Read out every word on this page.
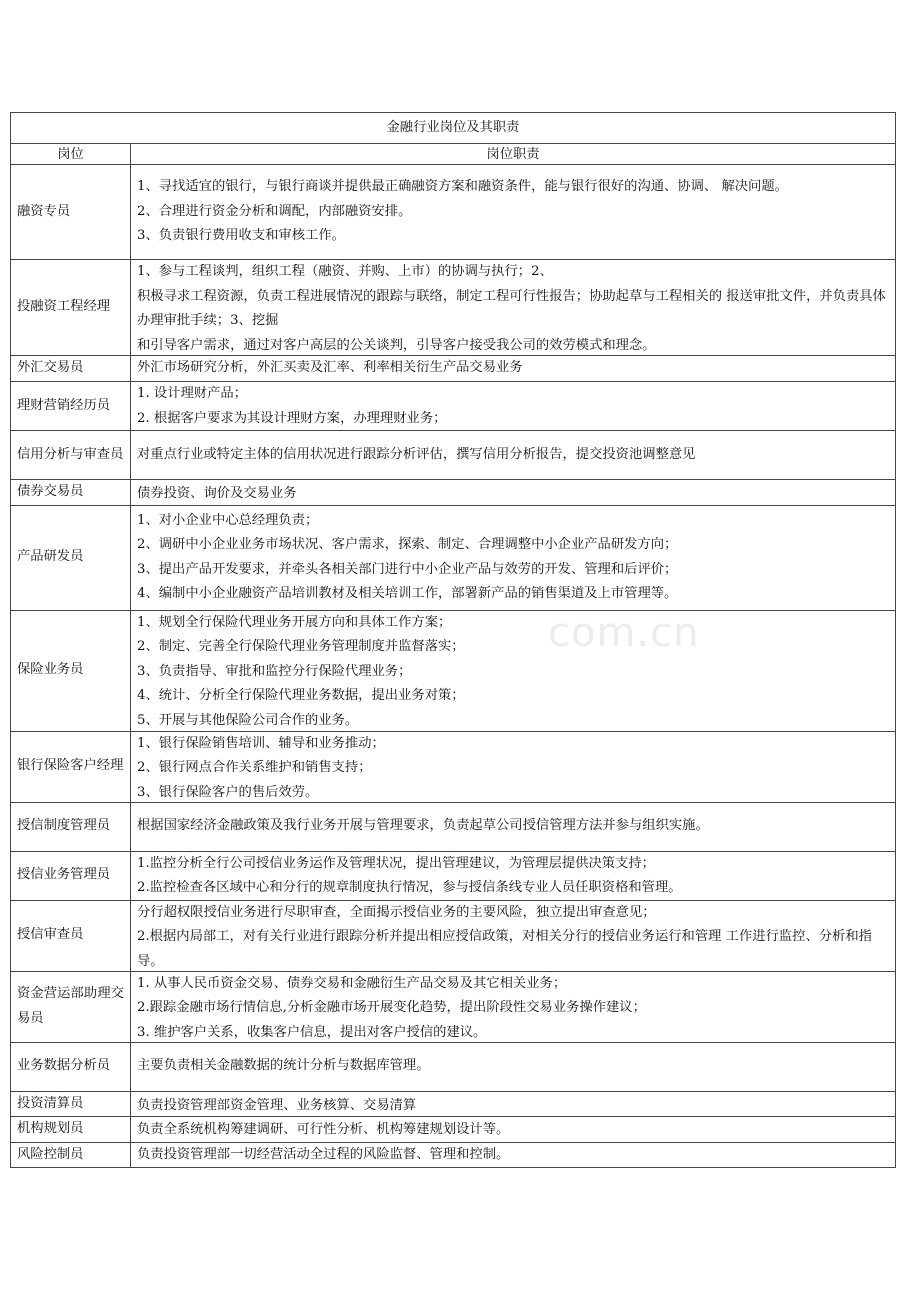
com.cn
金融行业岗位及其职责	
岗位	岗位职责
融资专员	1、寻找适宜的银行，与银行商谈并提供最正确融资方案和融资条件，能与银行很好的沟通、协调、 解决问题。
2、合理进行资金分析和调配，内部融资安排。
3、负责银行费用收支和审核工作。

投融资工程经理	1、参与工程谈判，组织工程（融资、并购、上市）的协调与执行；2、
积极寻求工程资源，负责工程进展情况的跟踪与联络，制定工程可行性报告；协助起草与工程相关的 报送审批文件，并负责具体办理审批手续；3、挖掘
和引导客户需求，通过对客户高层的公关谈判，引导客户接受我公司的效劳模式和理念。

外汇交易员	外汇市场研究分析，外汇买卖及汇率、利率相关衍生产品交易业务

理财营销经历员	1. 设计理财产品；
2. 根据客户要求为其设计理财方案，办理理财业务；

信用分析与审查员	对重点行业或特定主体的信用状况进行跟踪分析评估，撰写信用分析报告，提交投资池调整意见

债券交易员	债券投资、询价及交易业务

产品研发员	1、对小企业中心总经理负责；
2、调研中小企业业务市场状况、客户需求，探索、制定、合理调整中小企业产品研发方向；
3、提出产品开发要求，并牵头各相关部门进行中小企业产品与效劳的开发、管理和后评价；
4、编制中小企业融资产品培训教材及相关培训工作，部署新产品的销售渠道及上市管理等。

保险业务员	1、规划全行保险代理业务开展方向和具体工作方案；
2、制定、完善全行保险代理业务管理制度并监督落实；
3、负责指导、审批和监控分行保险代理业务；
4、统计、分析全行保险代理业务数据，提出业务对策；
5、开展与其他保险公司合作的业务。

银行保险客户经理	1、银行保险销售培训、辅导和业务推动；
2、银行网点合作关系维护和销售支持；
3、银行保险客户的售后效劳。

授信制度管理员	根据国家经济金融政策及我行业务开展与管理要求，负责起草公司授信管理方法并参与组织实施。

授信业务管理员	1.监控分析全行公司授信业务运作及管理状况，提出管理建议，为管理层提供决策支持；
2.监控检查各区域中心和分行的规章制度执行情况，参与授信条线专业人员任职资格和管理。

授信审查员	分行超权限授信业务进行尽职审查，全面揭示授信业务的主要风险，独立提出审查意见；
2.根据内局部工，对有关行业进行跟踪分析并提出相应授信政策，对相关分行的授信业务运行和管理 工作进行监控、分析和指导。

资金营运部助理交易员	1. 从事人民币资金交易、债券交易和金融衍生产品交易及其它相关业务；
2.跟踪金融市场行情信息,分析金融市场开展变化趋势，提出阶段性交易业务操作建议；
3. 维护客户关系，收集客户信息，提出对客户授信的建议。

业务数据分析员	主要负责相关金融数据的统计分析与数据库管理。

投资清算员	负责投资管理部资金管理、业务核算、交易清算

机构规划员	负责全系统机构筹建调研、可行性分析、机构筹建规划设计等。

风险控制员	负责投资管理部一切经营活动全过程的风险监督、管理和控制。
